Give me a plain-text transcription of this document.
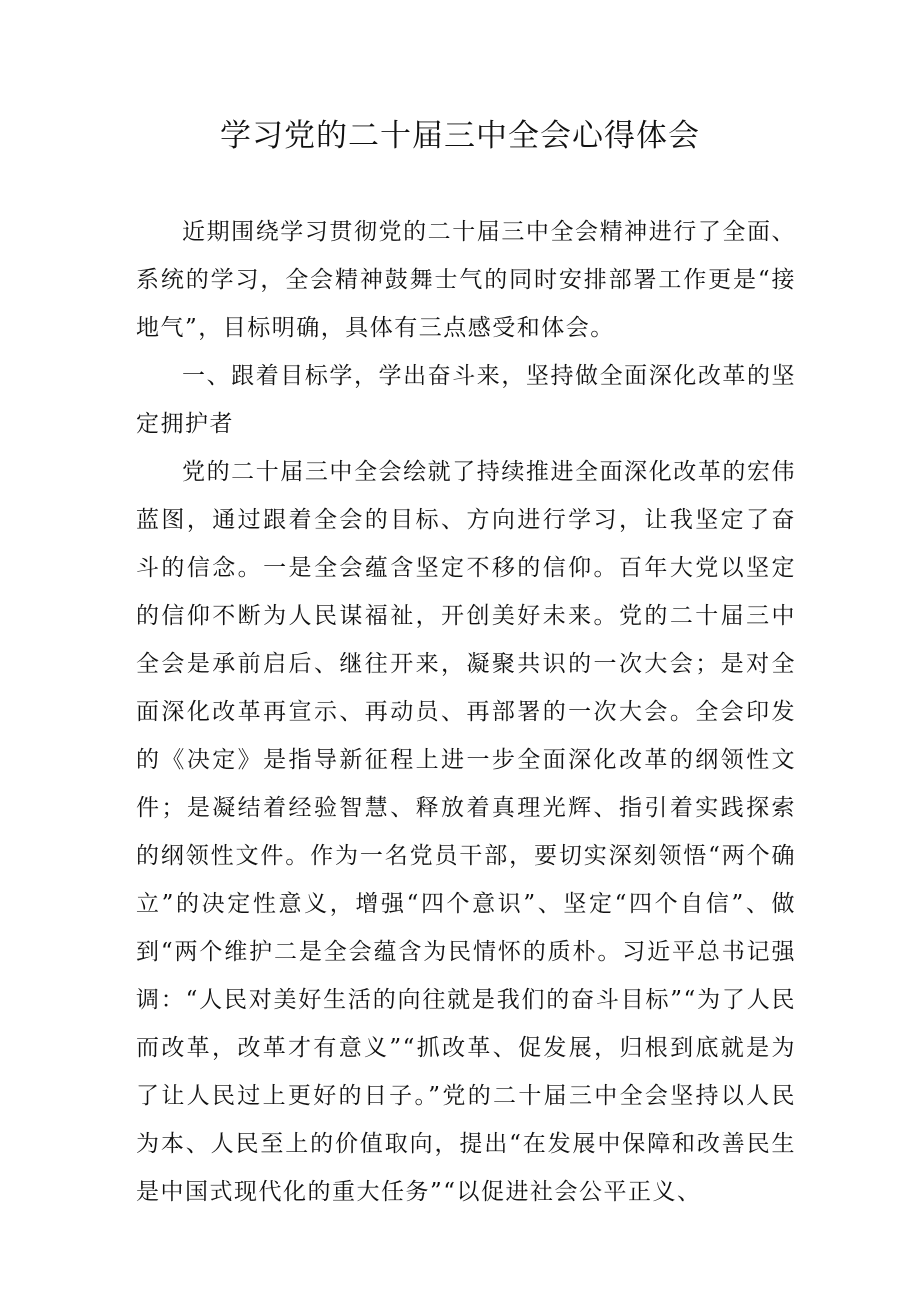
学习党的二十届三中全会心得体会

近期围绕学习贯彻党的二十届三中全会精神进行了全面、系统的学习，全会精神鼓舞士气的同时安排部署工作更是“接地气”，目标明确，具体有三点感受和体会。

一、跟着目标学，学出奋斗来，坚持做全面深化改革的坚定拥护者

党的二十届三中全会绘就了持续推进全面深化改革的宏伟蓝图，通过跟着全会的目标、方向进行学习，让我坚定了奋斗的信念。一是全会蕴含坚定不移的信仰。百年大党以坚定的信仰不断为人民谋福祉，开创美好未来。党的二十届三中全会是承前启后、继往开来，凝聚共识的一次大会；是对全面深化改革再宣示、再动员、再部署的一次大会。全会印发的《决定》是指导新征程上进一步全面深化改革的纲领性文件；是凝结着经验智慧、释放着真理光辉、指引着实践探索的纲领性文件。作为一名党员干部，要切实深刻领悟“两个确立”的决定性意义，增强“四个意识”、坚定“四个自信”、做到“两个维护二是全会蕴含为民情怀的质朴。习近平总书记强调：“人民对美好生活的向往就是我们的奋斗目标”“为了人民而改革，改革才有意义”“抓改革、促发展，归根到底就是为了让人民过上更好的日子。”党的二十届三中全会坚持以人民为本、人民至上的价值取向，提出“在发展中保障和改善民生是中国式现代化的重大任务”“以促进社会公平正义、
